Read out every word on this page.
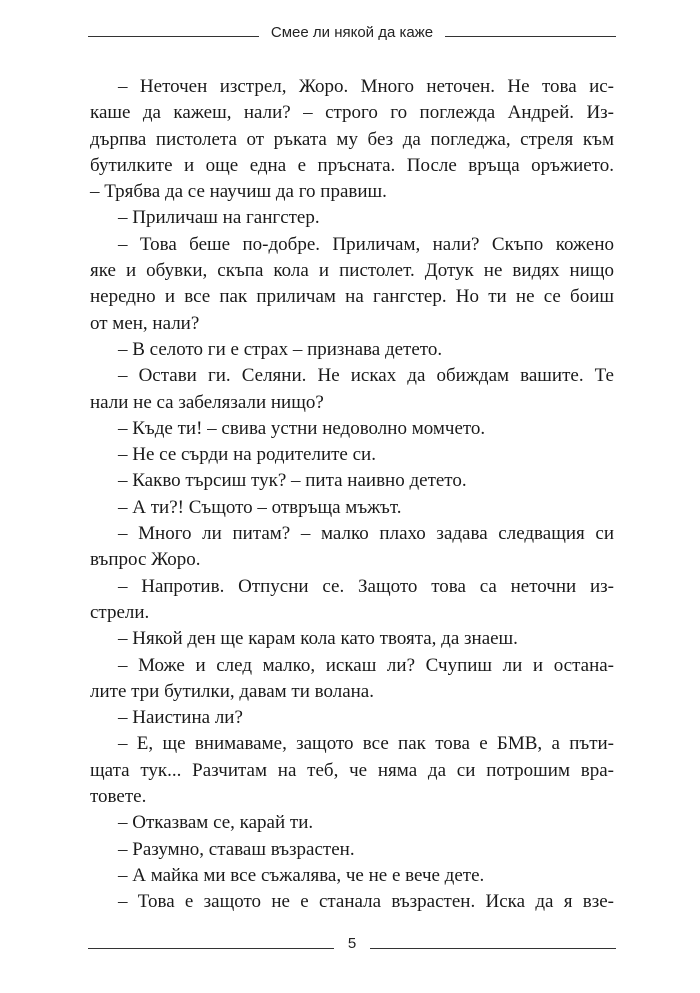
Смее ли някой да каже
– Неточен изстрел, Жоро. Много неточен. Не това ис-
каше да кажеш, нали? – строго го поглежда Андрей. Из-
дърпва пистолета от ръката му без да погледжа, стреля към
бутилките и още една е пръсната. После връща оръжието.
– Трябва да се научиш да го правиш.
– Приличаш на гангстер.
– Това беше по-добре. Приличам, нали? Скъпо кожено
яке и обувки, скъпа кола и пистолет. Дотук не видях нищо
нередно и все пак приличам на гангстер. Но ти не се боиш
от мен, нали?
– В селото ги е страх – признава детето.
– Остави ги. Селяни. Не исках да обиждам вашите. Те
нали не са забелязали нищо?
– Къде ти! – свива устни недоволно момчето.
– Не се сърди на родителите си.
– Какво търсиш тук? – пита наивно детето.
– А ти?! Същото – отвръща мъжът.
– Много ли питам? – малко плахо задава следващия си
въпрос Жоро.
– Напротив. Отпусни се. Защото това са неточни из-
стрели.
– Някой ден ще карам кола като твоята, да знаеш.
– Може и след малко, искаш ли? Счупиш ли и остана-
лите три бутилки, давам ти волана.
– Наистина ли?
– Е, ще внимаваме, защото все пак това е БМВ, а пъти-
щата тук... Разчитам на теб, че няма да си потрошим вра-
товете.
– Отказвам се, карай ти.
– Разумно, ставаш възрастен.
– А майка ми все съжалява, че не е вече дете.
– Това е защото не е станала възрастен. Иска да я взе-
5
